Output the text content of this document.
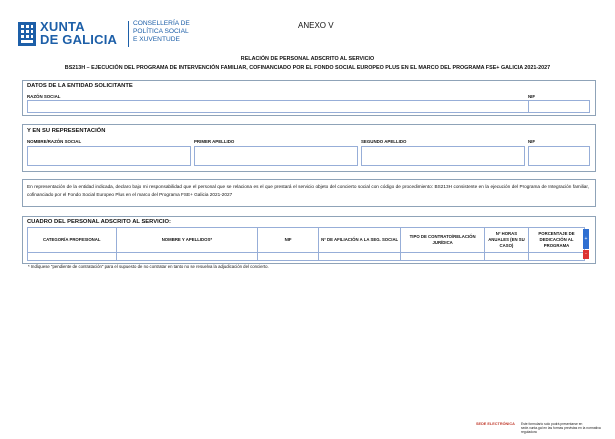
XUNTA
DE GALICIA
CONSELLERÍA DE
POLÍTICA SOCIAL
E XUVENTUDE
ANEXO V
RELACIÓN DE PERSONAL ADSCRITO AL SERVICIO
BS213H – EJECUCIÓN DEL PROGRAMA DE INTERVENCIÓN FAMILIAR, COFINANCIADO POR EL FONDO SOCIAL EUROPEO PLUS EN EL MARCO DEL PROGRAMA FSE+ GALICIA 2021-2027
DATOS DE LA ENTIDAD SOLICITANTE
RAZÓN SOCIAL	NIF
Y EN SU REPRESENTACIÓN
NOMBRE/RAZÓN SOCIAL	PRIMER APELLIDO	SEGUNDO APELLIDO	NIF
En representación de la entidad indicada, declaro bajo mi responsabilidad que el personal que se relaciona es el que prestará el servicio objeto del concierto social con código de procedimiento: BS213H consistente en la ejecución del Programa de Integración familiar, cofinanciado por el Fondo Social Europeo Plus en el marco del Programa FSE+ Galicia 2021-2027
CUADRO DEL PERSONAL ADSCRITO AL SERVICIO:
CATEGORÍA PROFESIONAL	NOMBRE Y APELLIDOS*	NIF	Nº DE AFILIACIÓN A LA SEG. SOCIAL	TIPO DE CONTRATO/RELACIÓN JURÍDICA	Nº HORAS ANUALES (EN SU CASO)	PORCENTAJE DE DEDICACIÓN AL PROGRAMA

+
-
* Indíquese "pendiente de contratación" para el supuesto de no contratar en tanto no se resuelva la adjudicación del concierto.
SEDE ELECTRÓNICA Este formulario solo podrá presentarse en sede.xunta.gal en las formas previstas en la normativa reguladora
